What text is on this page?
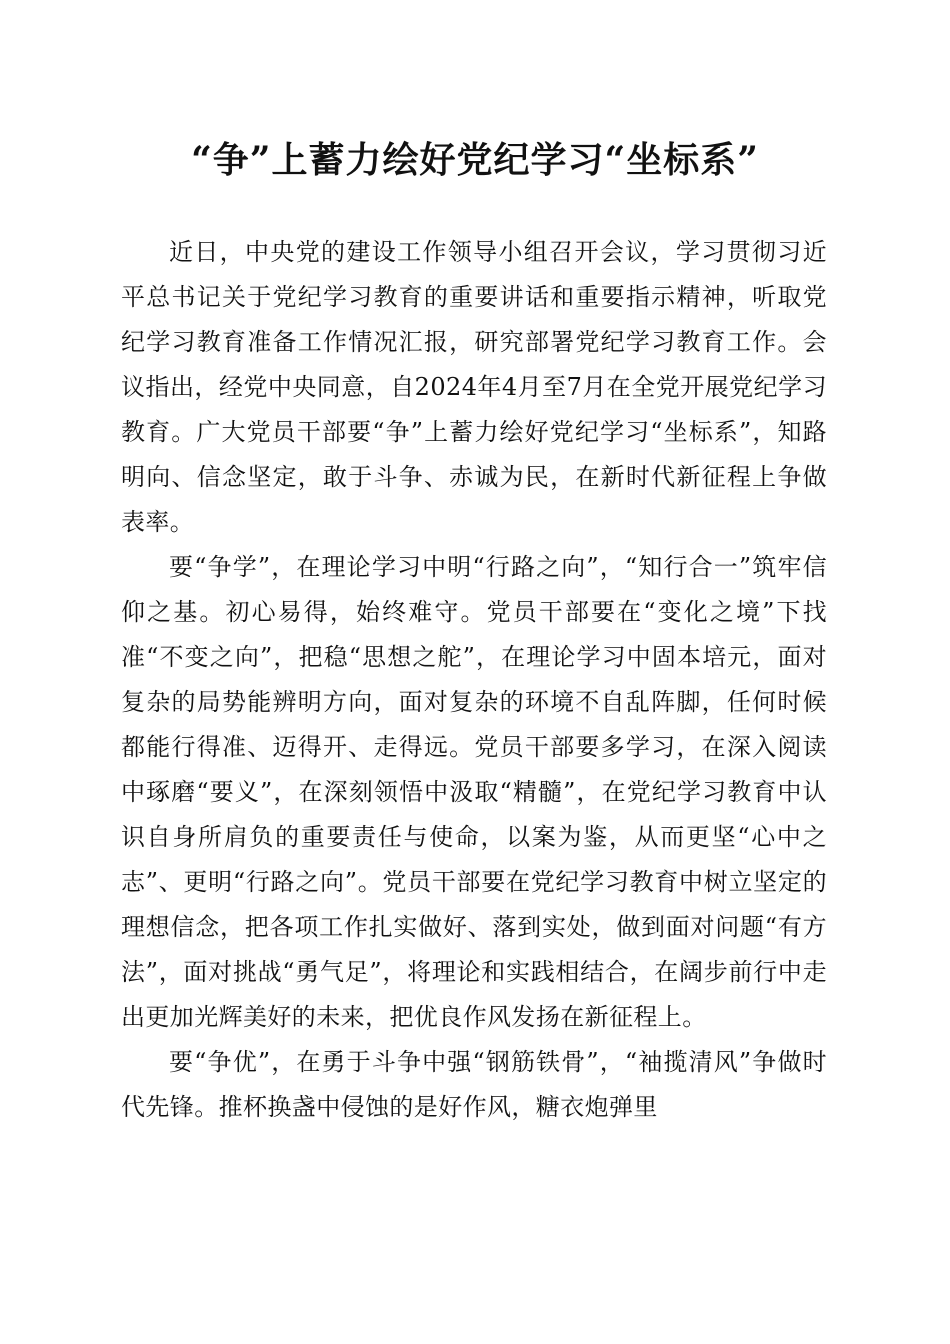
“争”上蓄力绘好党纪学习“坐标系”

近日，中央党的建设工作领导小组召开会议，学习贯彻习近平总书记关于党纪学习教育的重要讲话和重要指示精神，听取党纪学习教育准备工作情况汇报，研究部署党纪学习教育工作。会议指出，经党中央同意，自2024年4月至7月在全党开展党纪学习教育。广大党员干部要“争”上蓄力绘好党纪学习“坐标系”，知路明向、信念坚定，敢于斗争、赤诚为民，在新时代新征程上争做表率。

要“争学”，在理论学习中明“行路之向”，“知行合一”筑牢信仰之基。初心易得，始终难守。党员干部要在“变化之境”下找准“不变之向”，把稳“思想之舵”，在理论学习中固本培元，面对复杂的局势能辨明方向，面对复杂的环境不自乱阵脚，任何时候都能行得准、迈得开、走得远。党员干部要多学习，在深入阅读中琢磨“要义”，在深刻领悟中汲取“精髓”，在党纪学习教育中认识自身所肩负的重要责任与使命，以案为鉴，从而更坚“心中之志”、更明“行路之向”。党员干部要在党纪学习教育中树立坚定的理想信念，把各项工作扎实做好、落到实处，做到面对问题“有方法”，面对挑战“勇气足”，将理论和实践相结合，在阔步前行中走出更加光辉美好的未来，把优良作风发扬在新征程上。

要“争优”，在勇于斗争中强“钢筋铁骨”，“袖揽清风”争做时代先锋。推杯换盏中侵蚀的是好作风，糖衣炮弹里
